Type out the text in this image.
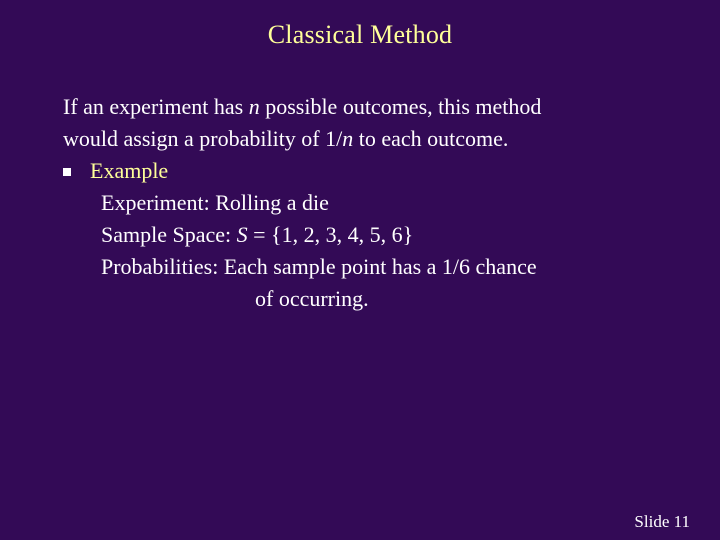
Classical Method
If an experiment has n possible outcomes, this method
would assign a probability of 1/n to each outcome.
Example
Experiment: Rolling a die
Sample Space: S = {1, 2, 3, 4, 5, 6}
Probabilities: Each sample point has a 1/6 chance
of occurring.
Slide 11
